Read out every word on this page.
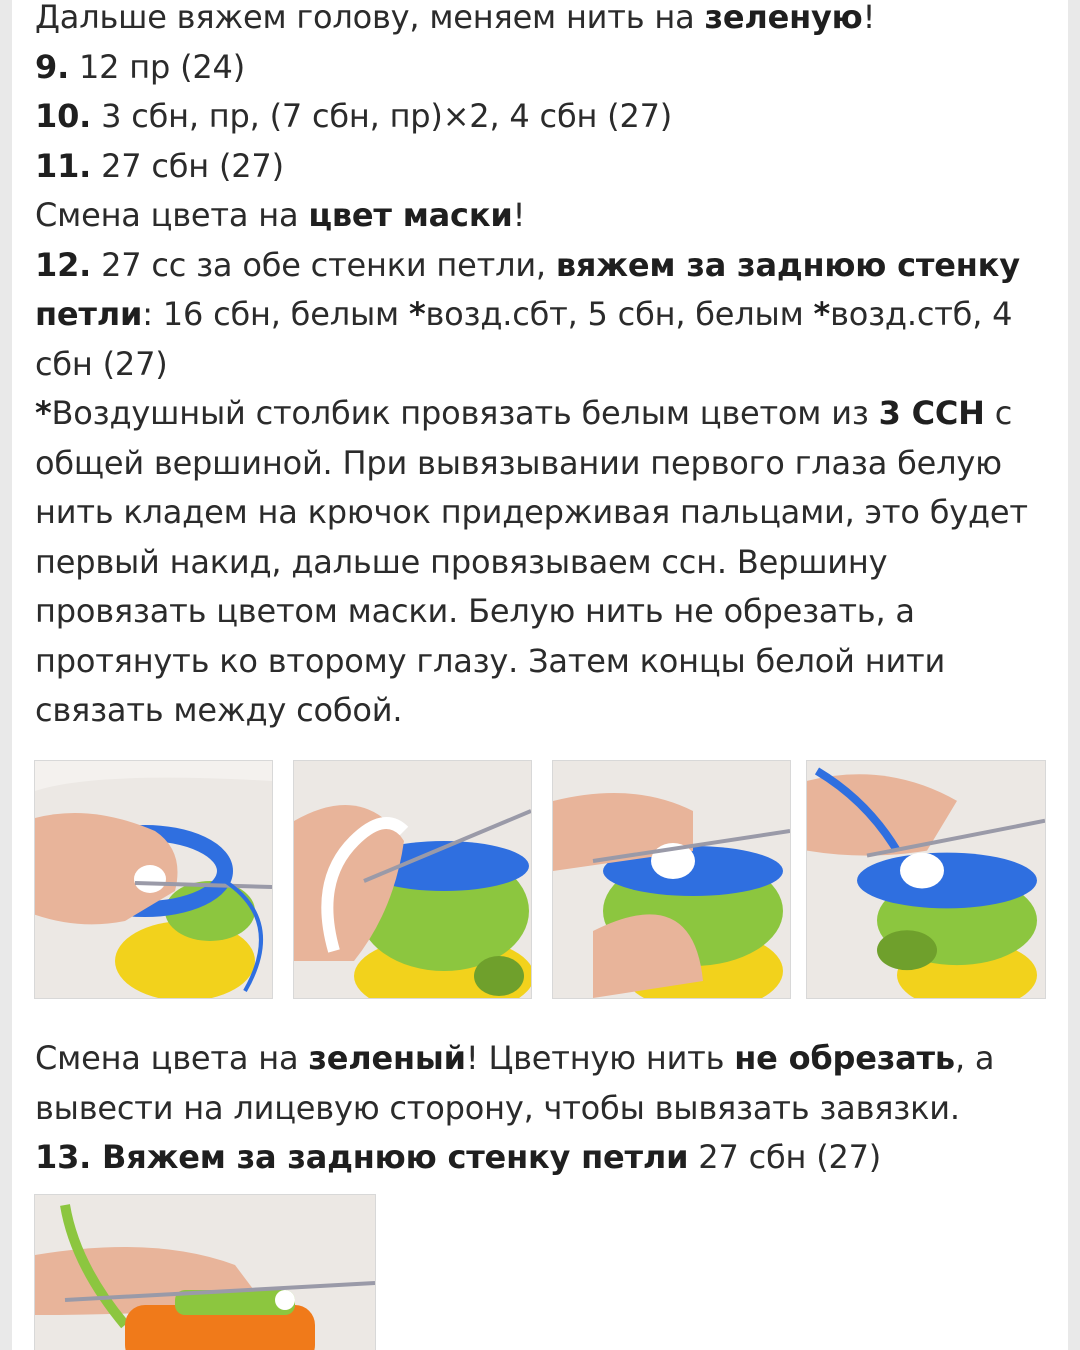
Дальше вяжем голову, меняем нить на зеленую!

9. 12 пр (24)

10. 3 сбн, пр, (7 сбн, пр)×2, 4 сбн (27)

11. 27 сбн (27)

Смена цвета на цвет маски!

12. 27 сс за обе стенки петли, вяжем за заднюю стенку петли: 16 сбн, белым *возд.сбт, 5 сбн, белым *возд.стб, 4 сбн (27)

*Воздушный столбик провязать белым цветом из 3 ССН с общей вершиной. При вывязывании первого глаза белую нить кладем на крючок придерживая пальцами, это будет первый накид, дальше провязываем ссн. Вершину провязать цветом маски. Белую нить не обрезать, а протянуть ко второму глазу. Затем концы белой нити связать между собой.

Смена цвета на зеленый! Цветную нить не обрезать, а вывести на лицевую сторону, чтобы вывязать завязки.

13. Вяжем за заднюю стенку петли 27 сбн (27)
